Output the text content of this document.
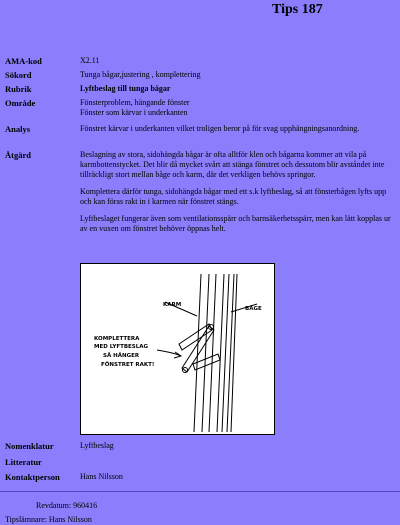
Tips 187
AMA-kod	X2.11
Sökord	Tunga bågar,justering , komplettering
Rubrik	Lyftbeslag till tunga bågar
Område	Fönsterproblem, hängande fönster
Fönster som kärvar i underkanten
Analys	Fönstret kärvar i underkanten vilket troligen beror på för svag upphängningsanordning.
Åtgärd	Beslagning av stora, sidohängda bågar är ofta alltför klen och bågarna kommer att vila på karmbottenstycket. Det blir då mycket svårt att stänga fönstret och dessutom blir avståndet inte tillräckligt stort mellan båge och karm, där det verkligen behövs springor.

Komplettera därför tunga, sidohängda bågar med ett s.k lyftbeslag, så att fönsterbågen lyfts upp och kan föras rakt in i karmen när fönstret stängs.

Lyftbeslaget fungerar även som ventilationsspärr och barnsäkerhetsspärr, men kan lätt kopplas ur av en vuxen om fönstret behöver öppnas helt.

KARM
BÅGE
KOMPLETTERA
MED LYFTBESLAG
SÅ HÄNGER
FÖNSTRET RAKT!
Nomenklatur	Lyftbeslag
Litteratur
Kontaktperson	Hans Nilsson
Revdatum: 960416
Tipslämnare: Hans Nilsson
